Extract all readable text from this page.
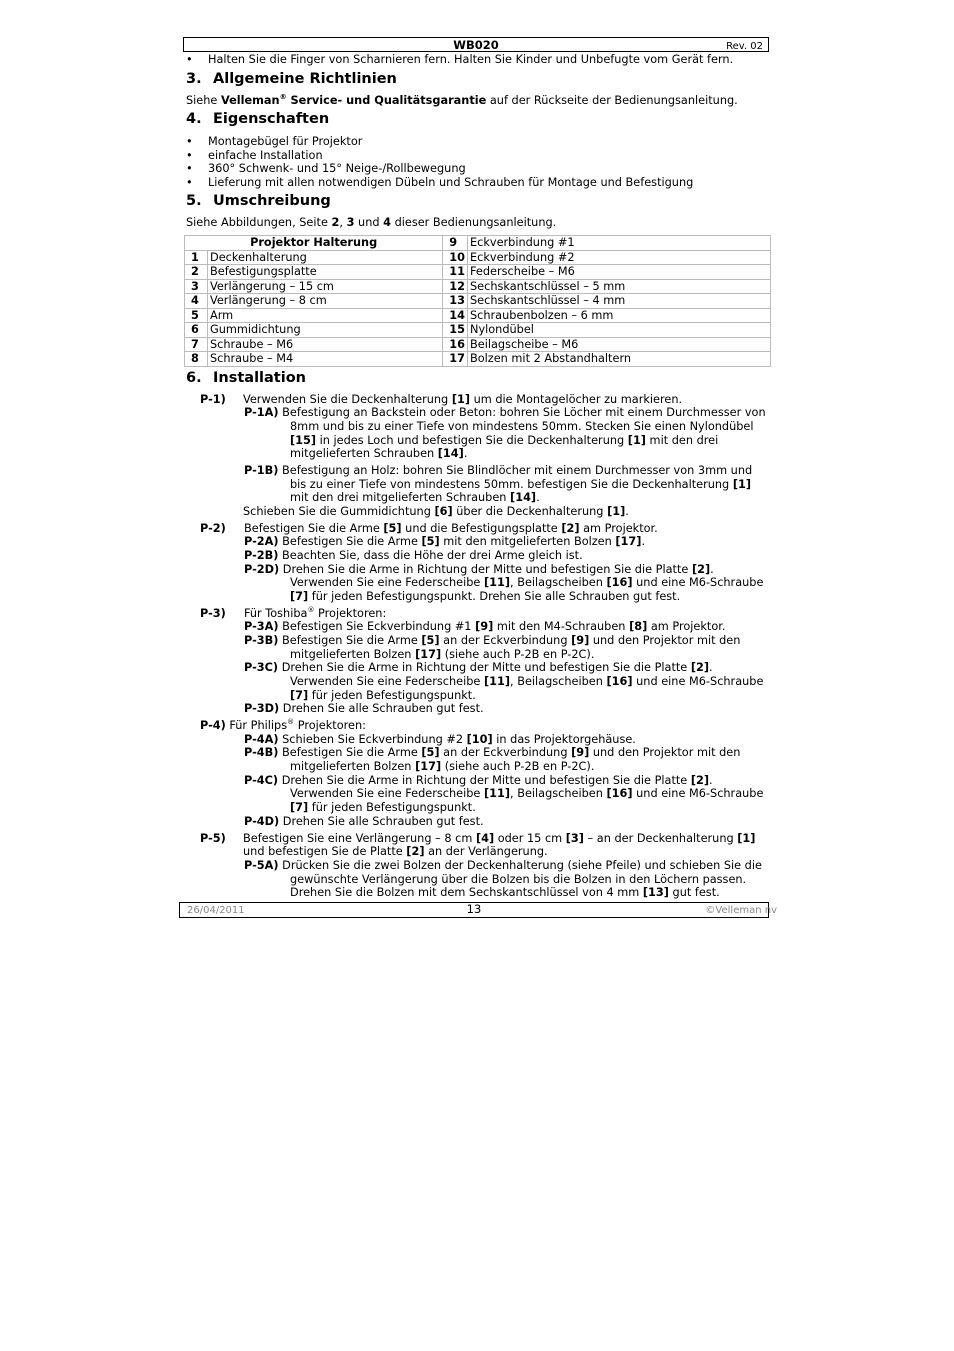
WB020	Rev. 02
• Halten Sie die Finger von Scharnieren fern. Halten Sie Kinder und Unbefugte vom Gerät fern.
3. Allgemeine Richtlinien
Siehe Velleman® Service- und Qualitätsgarantie auf der Rückseite der Bedienungsanleitung.
4. Eigenschaften
• Montagebügel für Projektor
• einfache Installation
• 360° Schwenk- und 15° Neige-/Rollbewegung
• Lieferung mit allen notwendigen Dübeln und Schrauben für Montage und Befestigung
5. Umschreibung
Siehe Abbildungen, Seite 2, 3 und 4 dieser Bedienungsanleitung.
Projektor Halterung		9	Eckverbindung #1
1	Deckenhalterung	10	Eckverbindung #2
2	Befestigungsplatte	11	Federscheibe – M6
3	Verlängerung – 15 cm	12	Sechskantschlüssel – 5 mm
4	Verlängerung – 8 cm	13	Sechskantschlüssel – 4 mm
5	Arm	14	Schraubenbolzen – 6 mm
6	Gummidichtung	15	Nylondübel
7	Schraube – M6	16	Beilagscheibe – M6
8	Schraube – M4	17	Bolzen mit 2 Abstandhaltern
6. Installation
P-1) Verwenden Sie die Deckenhalterung [1] um die Montagelöcher zu markieren.
P-1A) Befestigung an Backstein oder Beton: bohren Sie Löcher mit einem Durchmesser von
8mm und bis zu einer Tiefe von mindestens 50mm. Stecken Sie einen Nylondübel
[15] in jedes Loch und befestigen Sie die Deckenhalterung [1] mit den drei
mitgelieferten Schrauben [14].
P-1B) Befestigung an Holz: bohren Sie Blindlöcher mit einem Durchmesser von 3mm und
bis zu einer Tiefe von mindestens 50mm. befestigen Sie die Deckenhalterung [1]
mit den drei mitgelieferten Schrauben [14].
Schieben Sie die Gummidichtung [6] über die Deckenhalterung [1].
P-2) Befestigen Sie die Arme [5] und die Befestigungsplatte [2] am Projektor.
P-2A) Befestigen Sie die Arme [5] mit den mitgelieferten Bolzen [17].
P-2B) Beachten Sie, dass die Höhe der drei Arme gleich ist.
P-2D) Drehen Sie die Arme in Richtung der Mitte und befestigen Sie die Platte [2].
Verwenden Sie eine Federscheibe [11], Beilagscheiben [16] und eine M6-Schraube
[7] für jeden Befestigungspunkt. Drehen Sie alle Schrauben gut fest.
P-3) Für Toshiba® Projektoren:
P-3A) Befestigen Sie Eckverbindung #1 [9] mit den M4-Schrauben [8] am Projektor.
P-3B) Befestigen Sie die Arme [5] an der Eckverbindung [9] und den Projektor mit den
mitgelieferten Bolzen [17] (siehe auch P-2B en P-2C).
P-3C) Drehen Sie die Arme in Richtung der Mitte und befestigen Sie die Platte [2].
Verwenden Sie eine Federscheibe [11], Beilagscheiben [16] und eine M6-Schraube
[7] für jeden Befestigungspunkt.
P-3D) Drehen Sie alle Schrauben gut fest.
P-4) Für Philips® Projektoren:
P-4A) Schieben Sie Eckverbindung #2 [10] in das Projektorgehäuse.
P-4B) Befestigen Sie die Arme [5] an der Eckverbindung [9] und den Projektor mit den
mitgelieferten Bolzen [17] (siehe auch P-2B en P-2C).
P-4C) Drehen Sie die Arme in Richtung der Mitte und befestigen Sie die Platte [2].
Verwenden Sie eine Federscheibe [11], Beilagscheiben [16] und eine M6-Schraube
[7] für jeden Befestigungspunkt.
P-4D) Drehen Sie alle Schrauben gut fest.
P-5) Befestigen Sie eine Verlängerung – 8 cm [4] oder 15 cm [3] – an der Deckenhalterung [1]
und befestigen Sie de Platte [2] an der Verlängerung.
P-5A) Drücken Sie die zwei Bolzen der Deckenhalterung (siehe Pfeile) und schieben Sie die
gewünschte Verlängerung über die Bolzen bis die Bolzen in den Löchern passen.
Drehen Sie die Bolzen mit dem Sechskantschlüssel von 4 mm [13] gut fest.
26/04/2011	13	©Velleman nv
